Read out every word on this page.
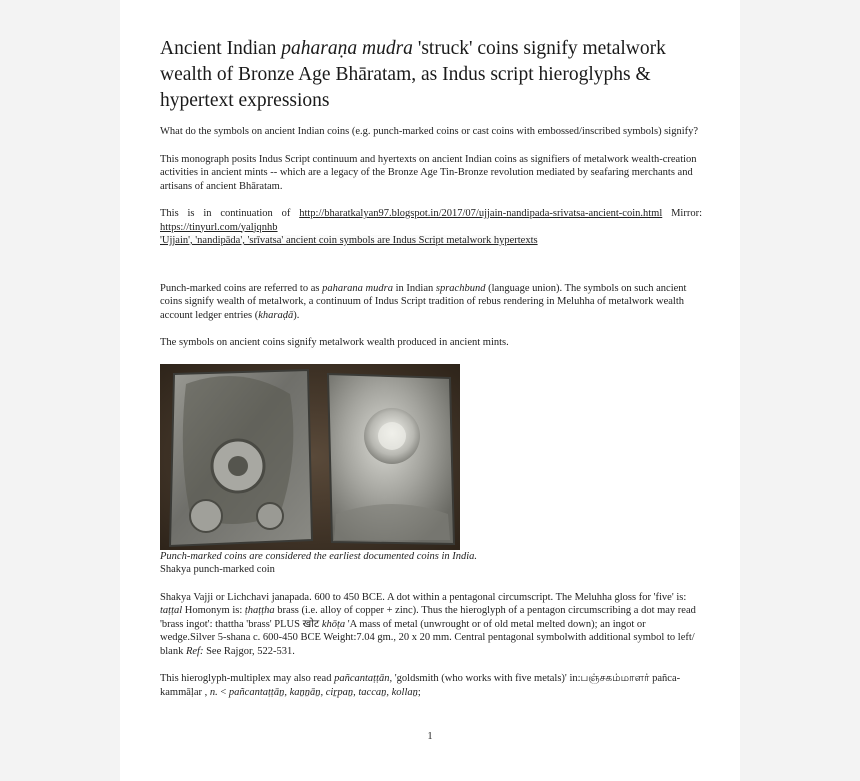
Ancient Indian paharaṇa mudra 'struck' coins signify metalwork wealth of Bronze Age Bhāratam, as Indus script hieroglyphs & hypertext expressions

What do the symbols on ancient Indian coins (e.g. punch-marked coins or cast coins with embossed/inscribed symbols) signify?

This monograph posits Indus Script continuum and hyertexts on ancient Indian coins as signifiers of metalwork wealth-creation activities in ancient mints -- which are a legacy of the Bronze Age Tin-Bronze revolution mediated by seafaring merchants and artisans of ancient Bhāratam.

This is in continuation of http://bharatkalyan97.blogspot.in/2017/07/ujjain-nandipada-srivatsa-ancient-coin.html Mirror: https://tinyurl.com/yaljqnhb
'Ujjain', 'nandipāda', 'srīvatsa' ancient coin symbols are Indus Script metalwork hypertexts

Punch-marked coins are referred to as paharana mudra in Indian sprachbund (language union). The symbols on such ancient coins signify wealth of metalwork, a continuum of Indus Script tradition of rebus rendering in Meluhha of metalwork wealth account ledger entries (kharaḍā).

The symbols on ancient coins signify metalwork wealth produced in ancient mints.

Punch-marked coins are considered the earliest documented coins in India.

Shakya punch-marked coin

Shakya Vajji or Lichchavi janapada. 600 to 450 BCE. A dot within a pentagonal circumscript. The Meluhha gloss for 'five' is: taṭṭal Homonym is: ṭhaṭṭha brass (i.e. alloy of copper + zinc). Thus the hieroglyph of a pentagon circumscribing a dot may read 'brass ingot': thattha 'brass' PLUS खोट khōṭa 'A mass of metal (unwrought or of old metal melted down); an ingot or wedge.Silver 5-shana c. 600-450 BCE Weight:7.04 gm., 20 x 20 mm. Central pentagonal symbolwith additional symbol to left/ blank Ref: See Rajgor, 522-531.

This hieroglyph-multiplex may also read pañcantaṭṭān, 'goldsmith (who works with five metals)' in:பஞ்சகம்மாளர் pañca-kammāḷar , n. < pañcantaṭṭāṉ, kaṉṉāṉ, ciṟpaṉ, taccaṉ, kollaṉ;

1
